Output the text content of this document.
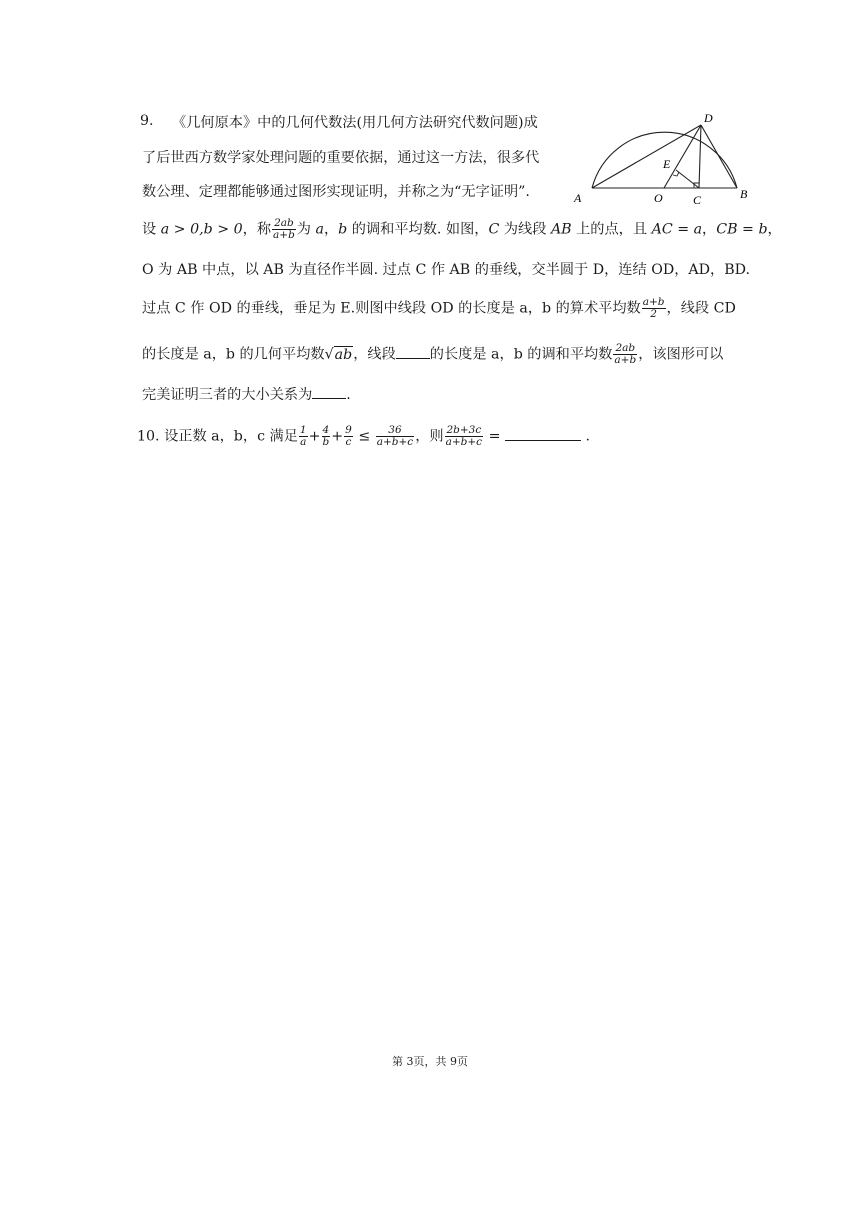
9. 《几何原本》中的几何代数法(用几何方法研究代数问题)成
了后世西方数学家处理问题的重要依据，通过这一方法，很多代
数公理、定理都能够通过图形实现证明，并称之为“无字证明”.
设 a > 0,b > 0，称 $\frac{2ab}{a+b}$ 为 a，b 的调和平均数. 如图，C 为线段 AB 上的点，且 AC = a，CB = b，
O 为 AB 中点，以 AB 为直径作半圆. 过点 C 作 AB 的垂线，交半圆于 D，连结 OD，AD，BD.
过点 C 作 OD 的垂线，垂足为 E.则图中线段 OD 的长度是 a，b 的算术平均数 $\frac{a+b}{2}$ ，线段 CD
的长度是 a，b 的几何平均数√ab，线段 的长度是 a，b 的调和平均数 $\frac{2ab}{a+b}$ ，该图形可以
完美证明三者的大小关系为 .
D
E
A	O	C	B
10. 设正数 a，b，c 满足 $\frac{1}{a} + \frac{4}{b} + \frac{9}{c} \le \frac{36}{a+b+c}$ ，则 $\frac{2b+3c}{a+b+c}$ =	.
第 3页，共 9页
